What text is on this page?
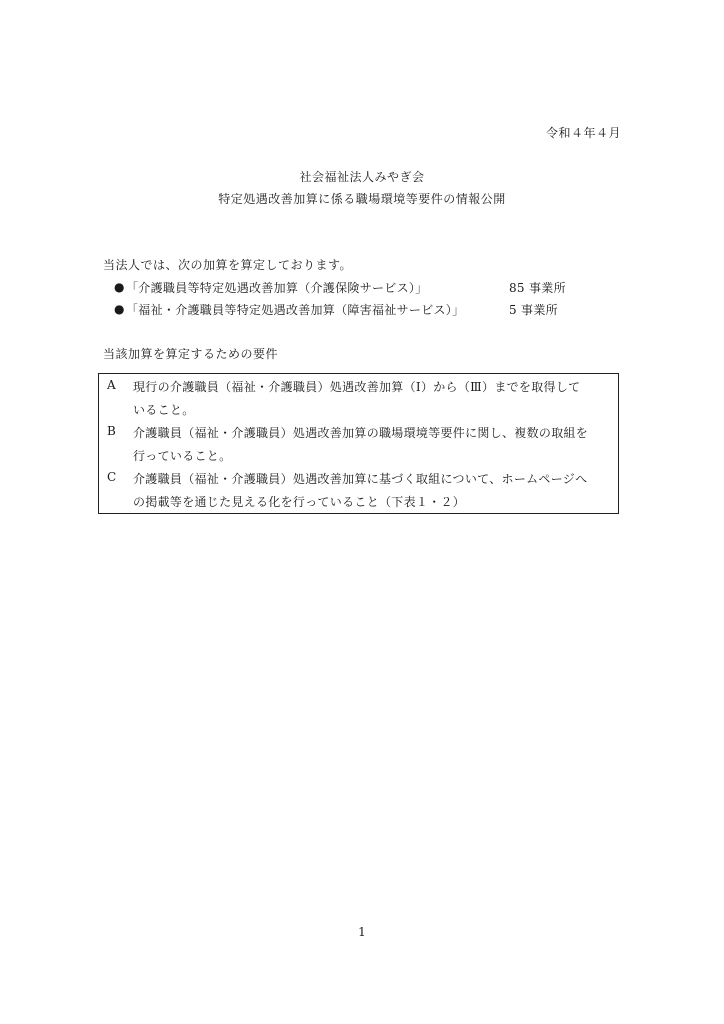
令和４年４月
社会福祉法人みやぎ会
特定処遇改善加算に係る職場環境等要件の情報公開
当法人では、次の加算を算定しております。
● 「介護職員等特定処遇改善加算（介護保険サービス）」	85 事業所
● 「福祉・介護職員等特定処遇改善加算（障害福祉サービス）」	5 事業所
当該加算を算定するための要件
A	現行の介護職員（福祉・介護職員）処遇改善加算（Ⅰ）から（Ⅲ）までを取得して
いること。
B	介護職員（福祉・介護職員）処遇改善加算の職場環境等要件に関し、複数の取組を
行っていること。
C	介護職員（福祉・介護職員）処遇改善加算に基づく取組について、ホームページへ
の掲載等を通じた見える化を行っていること（下表１・２）
1
